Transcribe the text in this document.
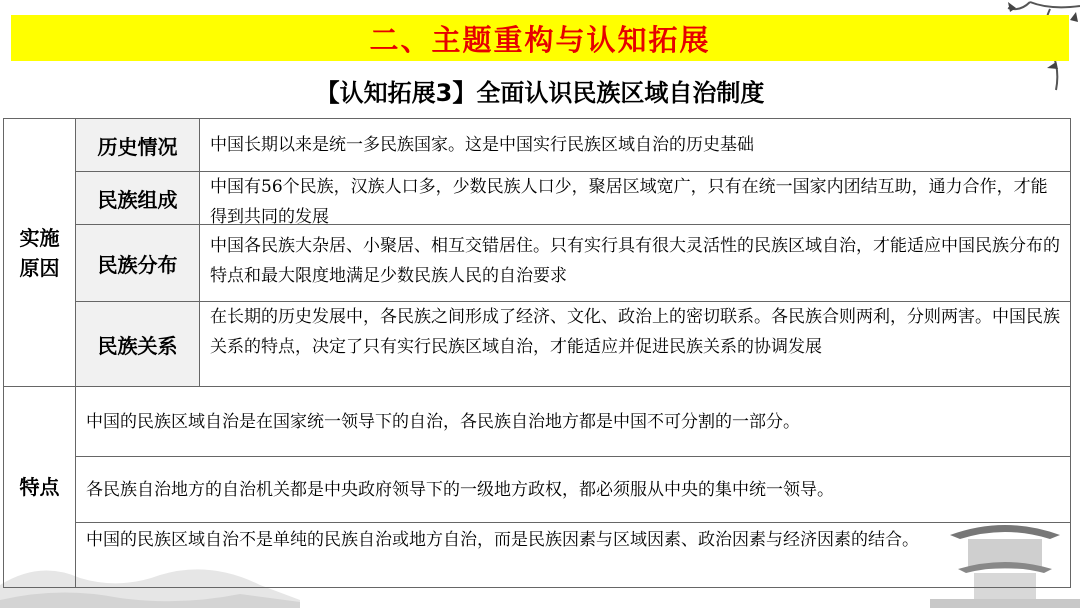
二、主题重构与认知拓展
【认知拓展3】全面认识民族区域自治制度
实施
原因
历史情况 中国长期以来是统一多民族国家。这是中国实行民族区域自治的历史基础
民族组成
中国有56个民族，汉族人口多，少数民族人口少，聚居区域宽广，只有在统一国家内团结互助，通力合作，才能得到共同的发展
民族分布
中国各民族大杂居、小聚居、相互交错居住。只有实行具有很大灵活性的民族区域自治，才能适应中国民族分布的特点和最大限度地满足少数民族人民的自治要求
民族关系
在长期的历史发展中，各民族之间形成了经济、文化、政治上的密切联系。各民族合则两利，分则两害。中国民族关系的特点，决定了只有实行民族区域自治，才能适应并促进民族关系的协调发展
特点
中国的民族区域自治是在国家统一领导下的自治，各民族自治地方都是中国不可分割的一部分。
各民族自治地方的自治机关都是中央政府领导下的一级地方政权，都必须服从中央的集中统一领导。
中国的民族区域自治不是单纯的民族自治或地方自治，而是民族因素与区域因素、政治因素与经济因素的结合。
